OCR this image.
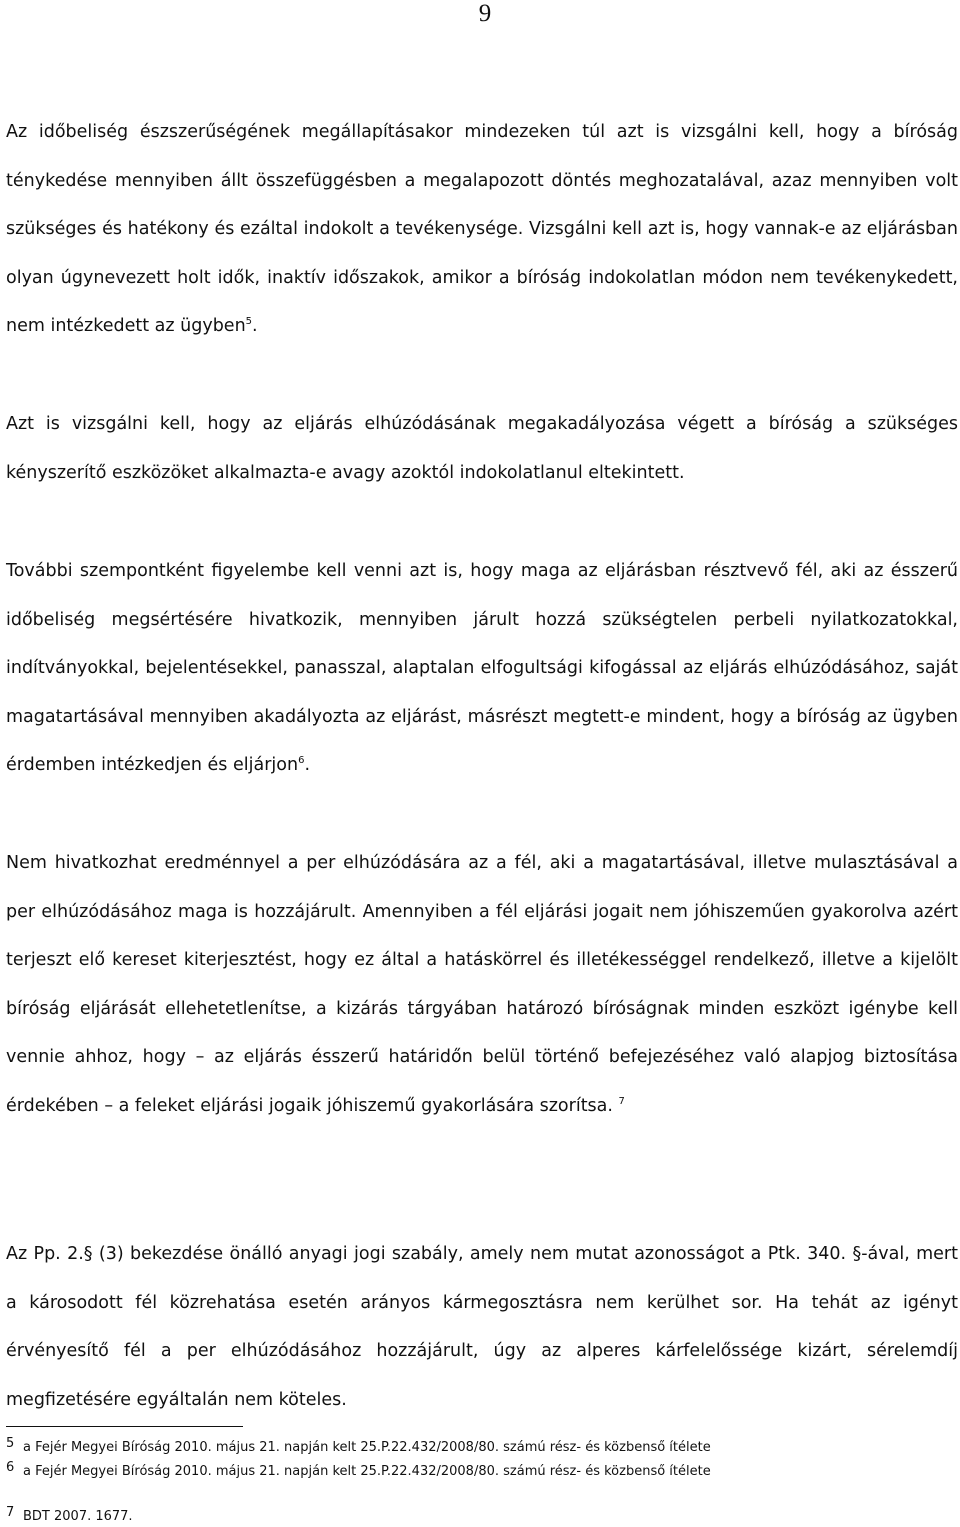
9

Az időbeliség észszerűségének megállapításakor mindezeken túl azt is vizsgálni kell, hogy a bíróság ténykedése mennyiben állt összefüggésben a megalapozott döntés meghozatalával, azaz mennyiben volt szükséges és hatékony és ezáltal indokolt a tevékenysége. Vizsgálni kell azt is, hogy vannak-e az eljárásban olyan úgynevezett holt idők, inaktív időszakok, amikor a bíróság indokolatlan módon nem tevékenykedett, nem intézkedett az ügyben$^5$.

Azt is vizsgálni kell, hogy az eljárás elhúzódásának megakadályozása végett a bíróság a szükséges kényszerítő eszközöket alkalmazta-e avagy azoktól indokolatlanul eltekintett.

További szempontként figyelembe kell venni azt is, hogy maga az eljárásban résztvevő fél, aki az ésszerű időbeliség megsértésére hivatkozik, mennyiben járult hozzá szükségtelen perbeli nyilatkozatokkal, indítványokkal, bejelentésekkel, panasszal, alaptalan elfogultsági kifogással az eljárás elhúzódásához, saját magatartásával mennyiben akadályozta az eljárást, másrészt megtett-e mindent, hogy a bíróság az ügyben érdemben intézkedjen és eljárjon$^6$.

Nem hivatkozhat eredménnyel a per elhúzódására az a fél, aki a magatartásával, illetve mulasztásával a per elhúzódásához maga is hozzájárult. Amennyiben a fél eljárási jogait nem jóhiszeműen gyakorolva azért terjeszt elő kereset kiterjesztést, hogy ez által a hatáskörrel és illetékességgel rendelkező, illetve a kijelölt bíróság eljárását ellehetetlenítse, a kizárás tárgyában határozó bíróságnak minden eszközt igénybe kell vennie ahhoz, hogy – az eljárás ésszerű határidőn belül történő befejezéséhez való alapjog biztosítása érdekében – a feleket eljárási jogaik jóhiszemű gyakorlására szorítsa. $^7$

Az Pp. 2.§ (3) bekezdése önálló anyagi jogi szabály, amely nem mutat azonosságot a Ptk. 340. §-ával, mert a károsodott fél közrehatása esetén arányos kármegosztásra nem kerülhet sor. Ha tehát az igényt érvényesítő fél a per elhúzódásához hozzájárult, úgy az alperes kárfelelőssége kizárt, sérelemdíj megfizetésére egyáltalán nem köteles.

5 a Fejér Megyei Bíróság 2010. május 21. napján kelt 25.P.22.432/2008/80. számú rész- és közbenső ítélete
6 a Fejér Megyei Bíróság 2010. május 21. napján kelt 25.P.22.432/2008/80. számú rész- és közbenső ítélete
7 BDT 2007. 1677.
